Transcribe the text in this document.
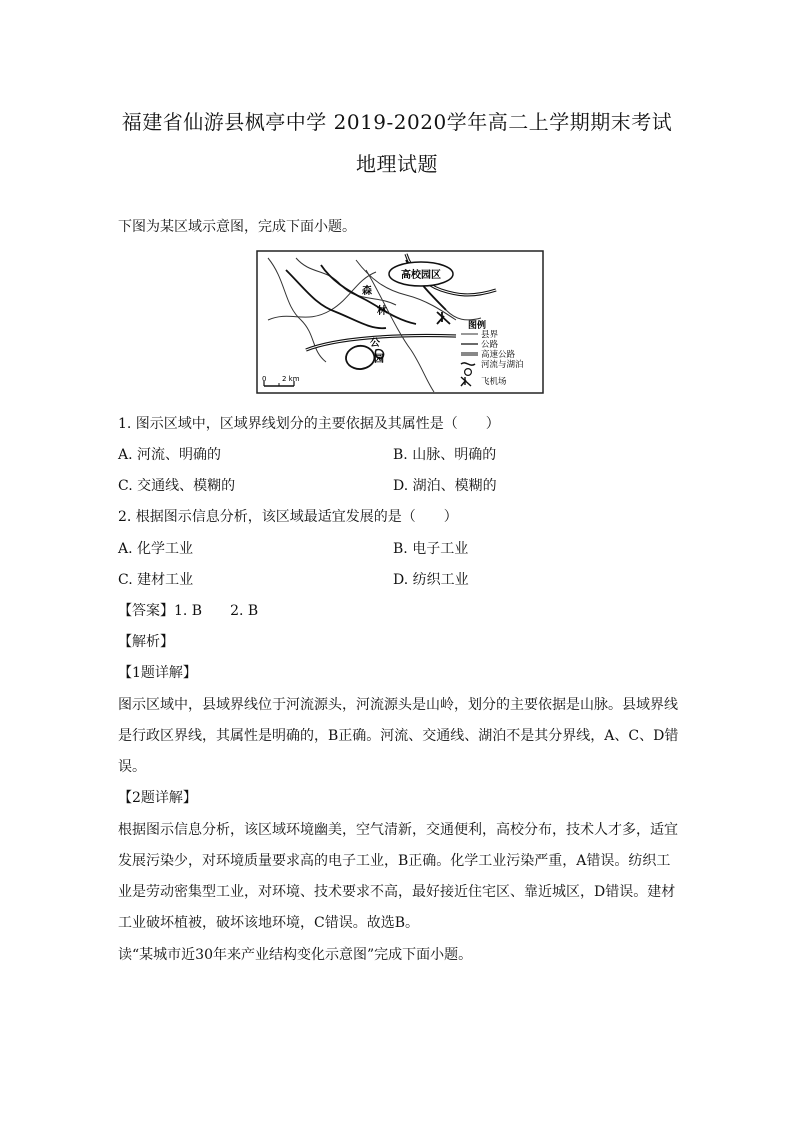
福建省仙游县枫亭中学 2019-2020学年高二上学期期末考试
地理试题
下图为某区域示意图，完成下面小题。
高校园区
森
林
公
园
图例
县界
公路
高速公路
河流与湖泊
飞机场
0 2 km
1. 图示区域中，区域界线划分的主要依据及其属性是（　　）
A. 河流、明确的	B. 山脉、明确的
C. 交通线、模糊的	D. 湖泊、模糊的
2. 根据图示信息分析，该区域最适宜发展的是（　　）
A. 化学工业	B. 电子工业
C. 建材工业	D. 纺织工业
【答案】1. B　　2. B
【解析】
【1题详解】
图示区域中，县域界线位于河流源头，河流源头是山岭，划分的主要依据是山脉。县域界线
是行政区界线，其属性是明确的，B正确。河流、交通线、湖泊不是其分界线，A、C、D错
误。
【2题详解】
根据图示信息分析，该区域环境幽美，空气清新，交通便利，高校分布，技术人才多，适宜
发展污染少，对环境质量要求高的电子工业，B正确。化学工业污染严重，A错误。纺织工
业是劳动密集型工业，对环境、技术要求不高，最好接近住宅区、靠近城区，D错误。建材
工业破坏植被，破坏该地环境，C错误。故选B。
读“某城市近30年来产业结构变化示意图”完成下面小题。
